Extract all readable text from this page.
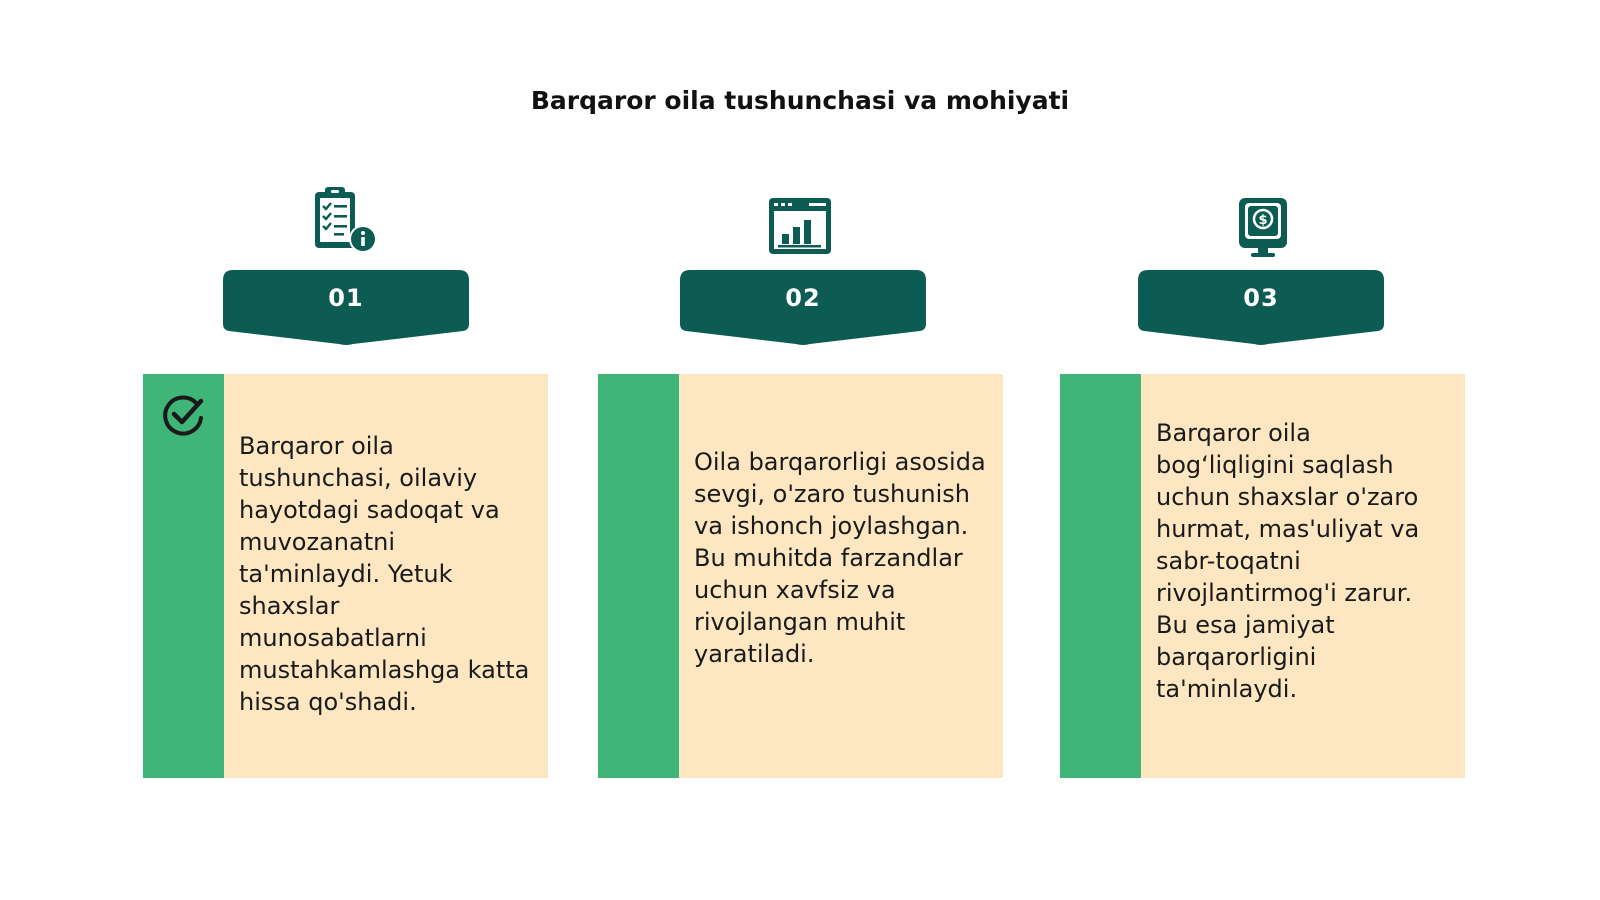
Barqaror oila tushunchasi va mohiyati
01
Barqaror oila tushunchasi, oilaviy hayotdagi sadoqat va muvozanatni ta'minlaydi. Yetuk shaxslar munosabatlarni mustahkamlashga katta hissa qo'shadi.
02
Oila barqarorligi asosida sevgi, o'zaro tushunish va ishonch joylashgan. Bu muhitda farzandlar uchun xavfsiz va rivojlangan muhit yaratiladi.
$
03
Barqaror oila bog‘liqligini saqlash uchun shaxslar o'zaro hurmat, mas'uliyat va sabr-toqatni rivojlantirmog'i zarur. Bu esa jamiyat barqarorligini ta'minlaydi.
